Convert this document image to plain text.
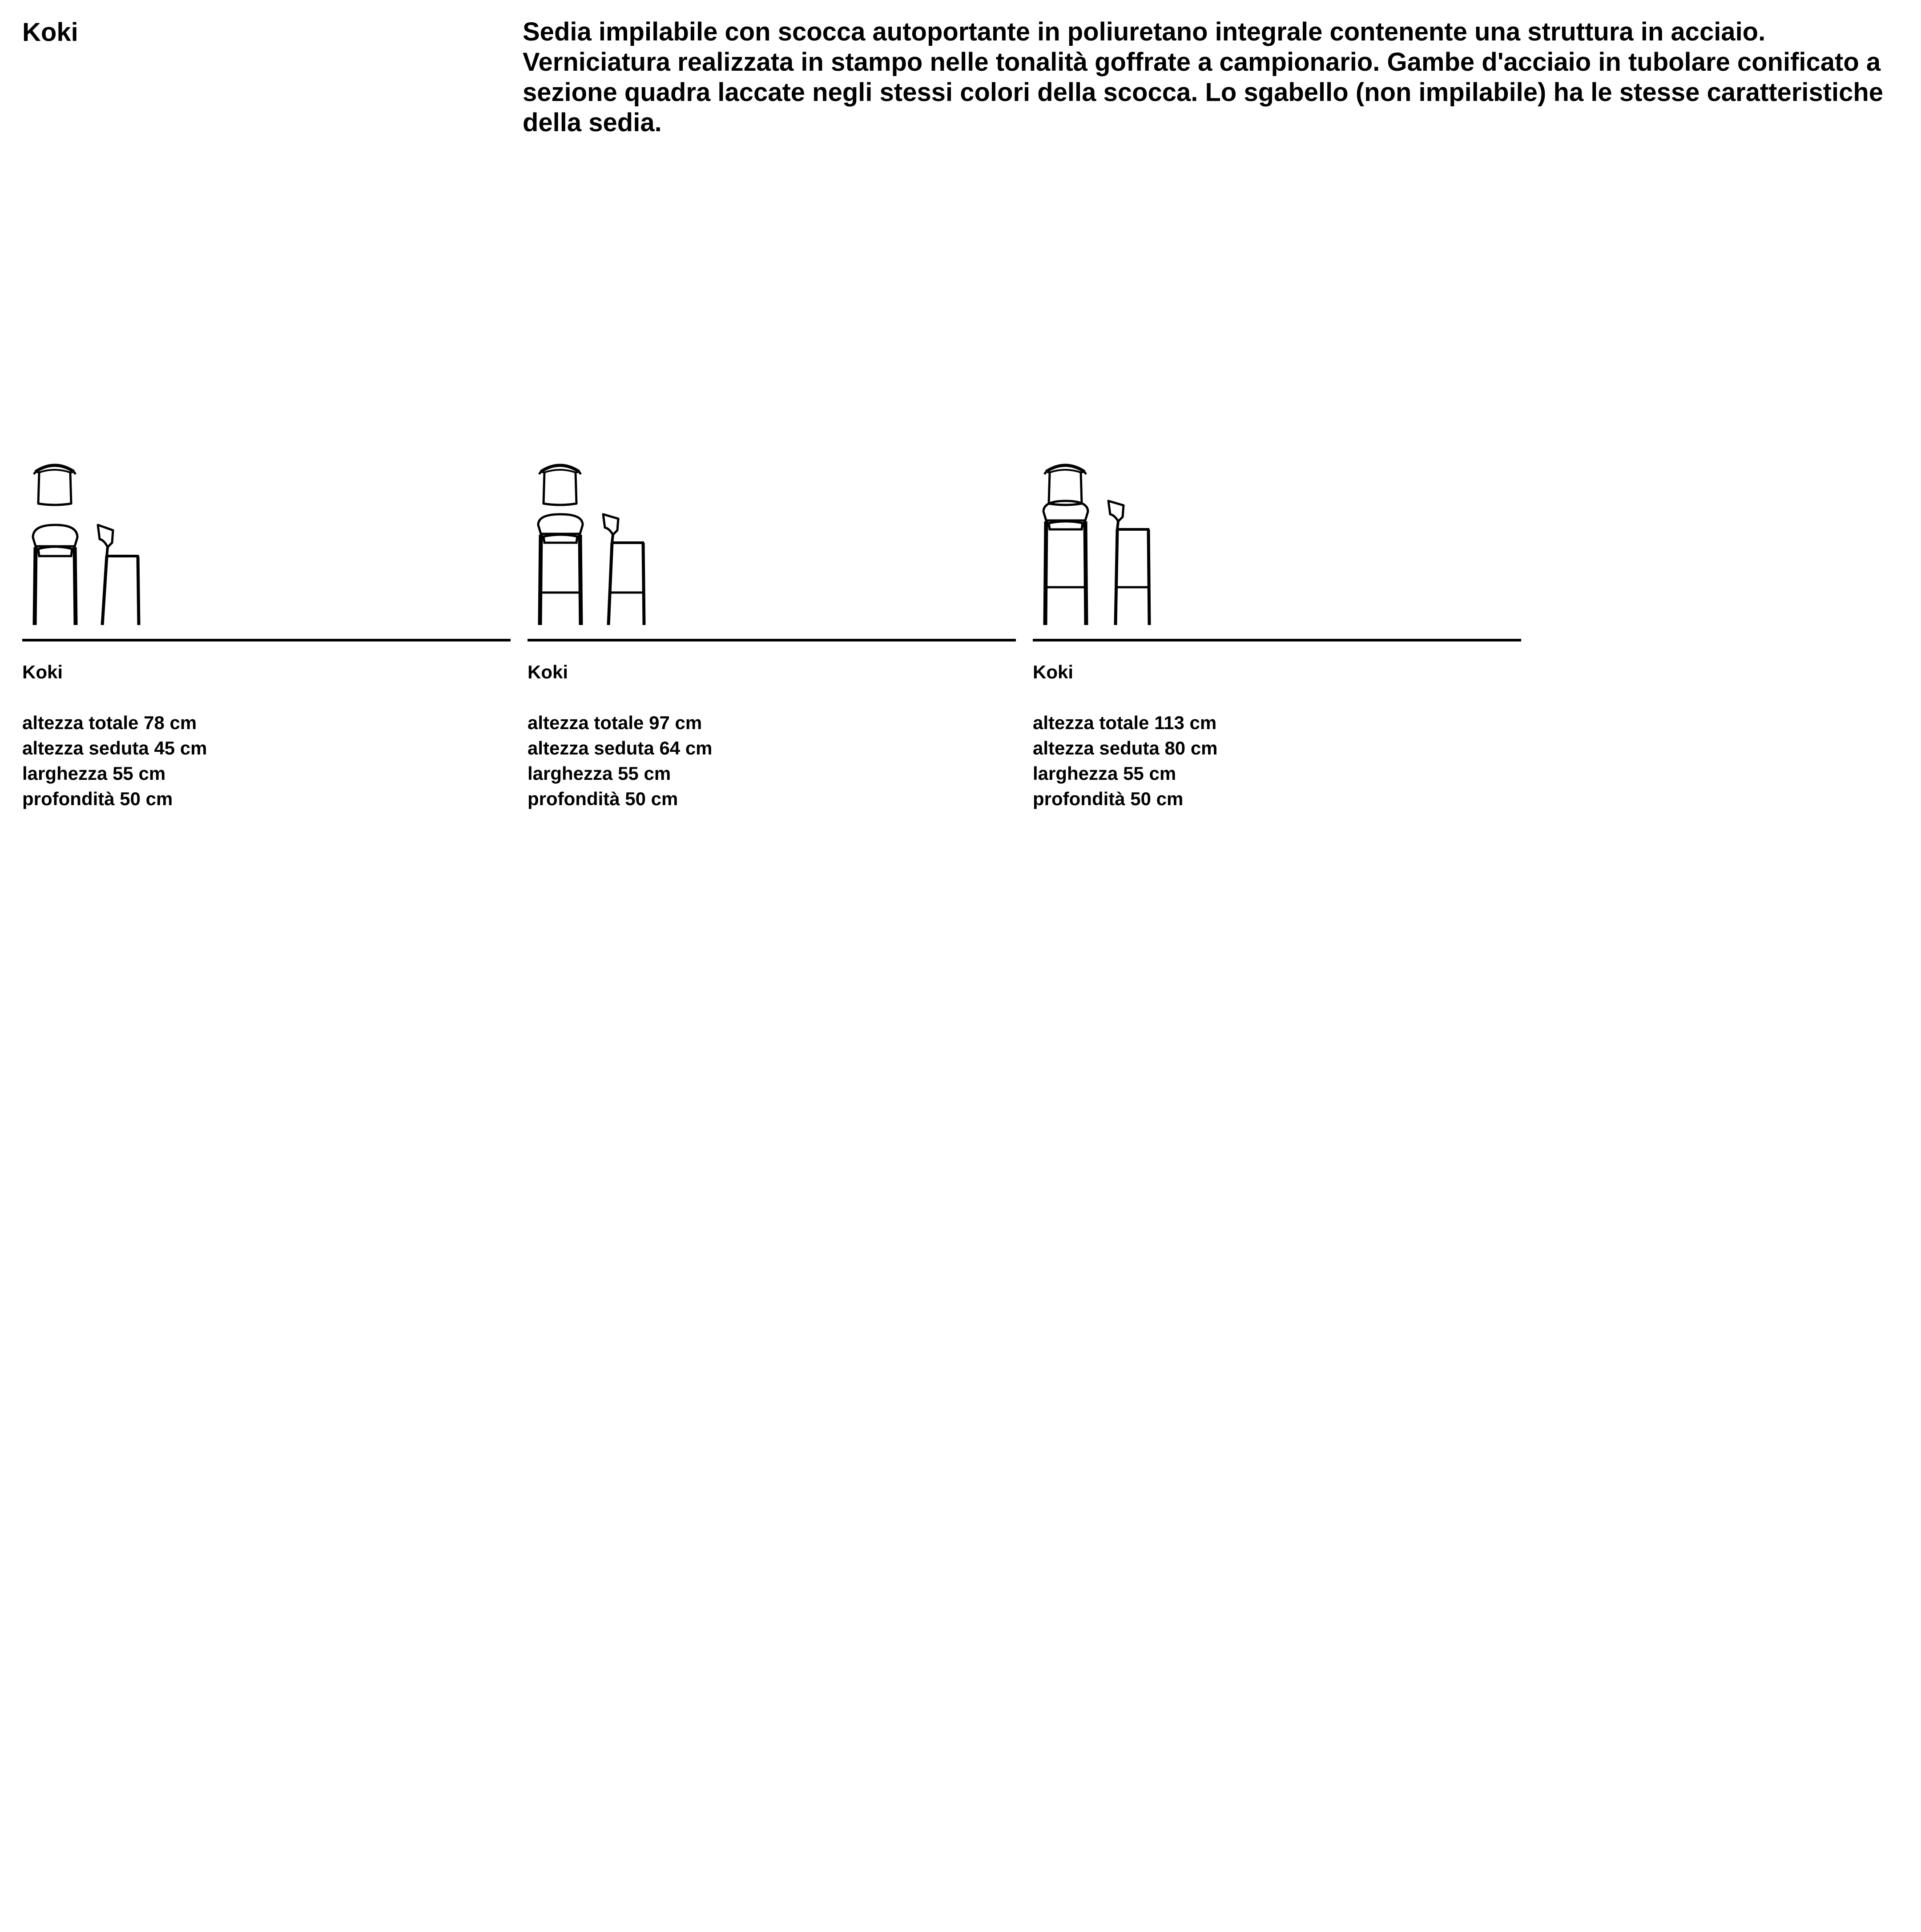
Koki	Sedia impilabile con scocca autoportante in poliuretano integrale contenente una struttura in acciaio. Verniciatura realizzata in stampo nelle tonalità goffrate a campionario. Gambe d'acciaio in tubolare conificato a sezione quadra laccate negli stessi colori della scocca. Lo sgabello (non impilabile) ha le stesse caratteristiche della sedia.
Koki
altezza totale 78 cm
altezza seduta 45 cm
larghezza 55 cm
profondità 50 cm
Koki
altezza totale 97 cm
altezza seduta 64 cm
larghezza 55 cm
profondità 50 cm
Koki
altezza totale 113 cm
altezza seduta 80 cm
larghezza 55 cm
profondità 50 cm
